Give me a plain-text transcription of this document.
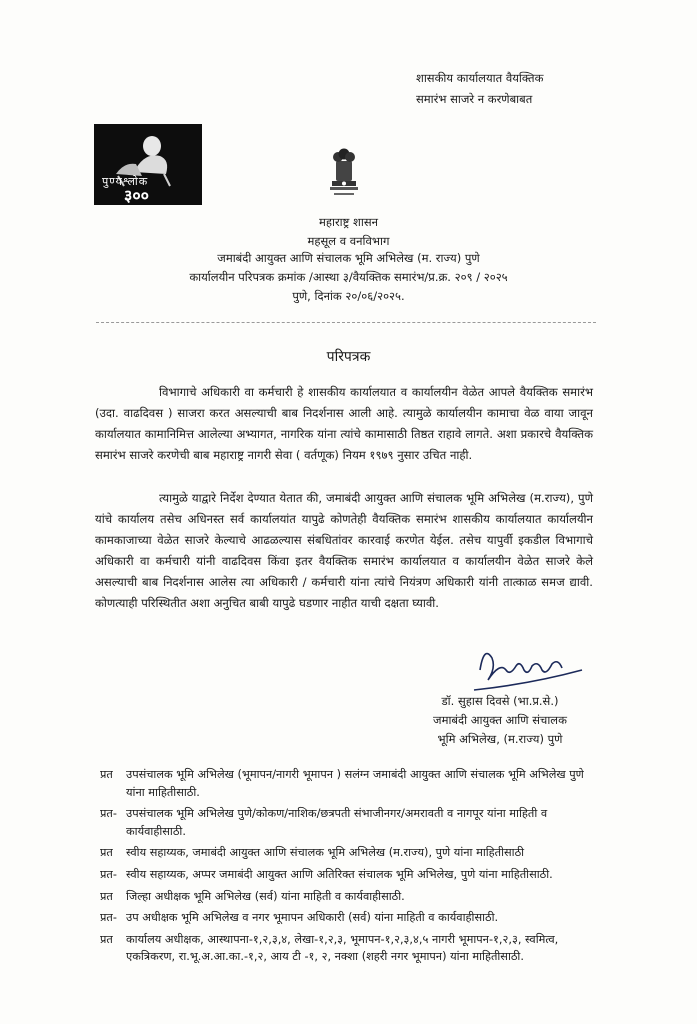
शासकीय कार्यालयात वैयक्तिक
समारंभ साजरे न करणेबाबत
पुण्यश्लोक
३००
महाराष्ट्र शासन
महसूल व वनविभाग
जमाबंदी आयुक्त आणि संचालक भूमि अभिलेख (म. राज्य) पुणे
कार्यालयीन परिपत्रक क्रमांक /आस्था ३/वैयक्तिक समारंभ/प्र.क्र. २०९ / २०२५
पुणे, दिनांक २०/०६/२०२५.
परिपत्रक

विभागाचे अधिकारी वा कर्मचारी हे शासकीय कार्यालयात व कार्यालयीन वेळेत आपले वैयक्तिक समारंभ (उदा. वाढदिवस ) साजरा करत असल्याची बाब निदर्शनास आली आहे. त्यामुळे कार्यालयीन कामाचा वेळ वाया जावून कार्यालयात कामानिमित्त आलेल्या अभ्यागत, नागरिक यांना त्यांचे कामासाठी तिष्ठत राहावे लागते. अशा प्रकारचे वैयक्तिक समारंभ साजरे करणेची बाब महाराष्ट्र नागरी सेवा ( वर्तणूक) नियम १९७९ नुसार उचित नाही.

त्यामुळे याद्वारे निर्देश देण्यात येतात की, जमाबंदी आयुक्त आणि संचालक भूमि अभिलेख (म.राज्य), पुणे यांचे कार्यालय तसेच अधिनस्त सर्व कार्यालयांत यापुढे कोणतेही वैयक्तिक समारंभ शासकीय कार्यालयात कार्यालयीन कामकाजाच्या वेळेत साजरे केल्याचे आढळल्यास संबधितांवर कारवाई करणेत येईल. तसेच यापुर्वी इकडील विभागाचे अधिकारी वा कर्मचारी यांनी वाढदिवस किंवा इतर वैयक्तिक समारंभ कार्यालयात व कार्यालयीन वेळेत साजरे केले असल्याची बाब निदर्शनास आलेस त्या अधिकारी / कर्मचारी यांना त्यांचे नियंत्रण अधिकारी यांनी तात्काळ समज द्यावी. कोणत्याही परिस्थितीत अशा अनुचित बाबी यापुढे घडणार नाहीत याची दक्षता घ्यावी.

डॉ. सुहास दिवसे (भा.प्र.से.)
जमाबंदी आयुक्त आणि संचालक
भूमि अभिलेख, (म.राज्य) पुणे
प्रत	उपसंचालक भूमि अभिलेख (भूमापन/नागरी भूमापन ) सलंग्न जमाबंदी आयुक्त आणि संचालक भूमि अभिलेख पुणे यांना माहितीसाठी.
प्रत- उपसंचालक भूमि अभिलेख पुणे/कोकण/नाशिक/छत्रपती संभाजीनगर/अमरावती व नागपूर यांना माहिती व कार्यवाहीसाठी.
प्रत	स्वीय सहाय्यक, जमाबंदी आयुक्त आणि संचालक भूमि अभिलेख (म.राज्य), पुणे यांना माहितीसाठी
प्रत- स्वीय सहाय्यक, अप्पर जमाबंदी आयुक्त आणि अतिरिक्त संचालक भूमि अभिलेख, पुणे यांना माहितीसाठी.
प्रत	जिल्हा अधीक्षक भूमि अभिलेख (सर्व) यांना माहिती व कार्यवाहीसाठी.
प्रत- उप अधीक्षक भूमि अभिलेख व नगर भूमापन अधिकारी (सर्व) यांना माहिती व कार्यवाहीसाठी.
प्रत	कार्यालय अधीक्षक, आस्थापना-१,२,३,४, लेखा-१,२,३, भूमापन-१,२,३,४,५ नागरी भूमापन-१,२,३, स्वमित्व, एकत्रिकरण, रा.भू.अ.आ.का.-१,२, आय टी -१, २, नक्शा (शहरी नगर भूमापन) यांना माहितीसाठी.
